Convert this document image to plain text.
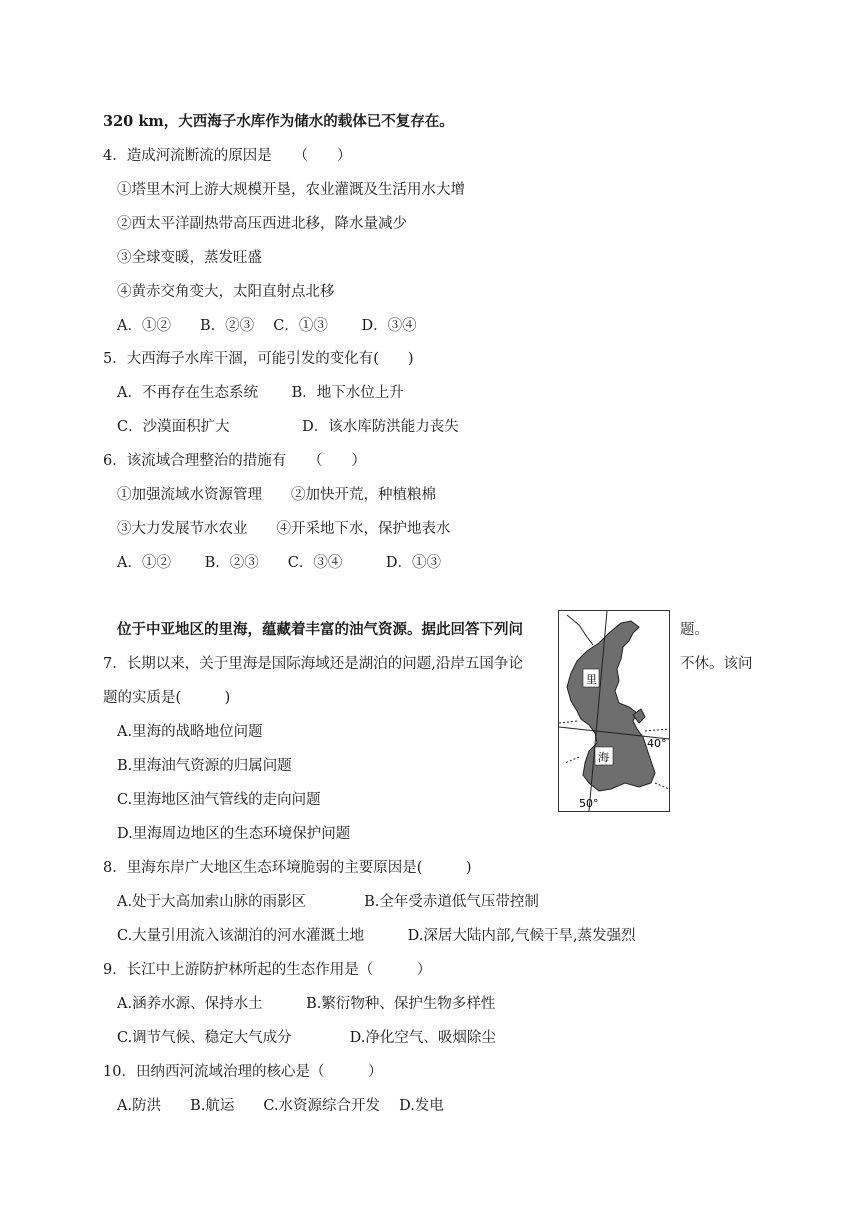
320 km，大西海子水库作为储水的载体已不复存在。
4．造成河流断流的原因是　　（　　）
①塔里木河上游大规模开垦，农业灌溉及生活用水大增
②西太平洋副热带高压西进北移，降水量减少
③全球变暖，蒸发旺盛
④黄赤交角变大，太阳直射点北移
A．①②　　B．②③　 C．①③　　 D．③④
5．大西海子水库干涸，可能引发的变化有(　　)
A．不再存在生态系统　　 B．地下水位上升
C．沙漠面积扩大　　　　　D．该水库防洪能力丧失
6．该流域合理整治的措施有　　（　　）
①加强流域水资源管理　　②加快开荒，种植粮棉
③大力发展节水农业　　④开采地下水，保护地表水
A．①②　　 B．②③　　C．③④　　　D．①③
位于中亚地区的里海，蕴藏着丰富的油气资源。据此回答下列问	题。
7．长期以来，关于里海是国际海域还是湖泊的问题,沿岸五国争论	不休。该问
题的实质是(　　　)
A.里海的战略地位问题
B.里海油气资源的归属问题
C.里海地区油气管线的走向问题
D.里海周边地区的生态环境保护问题
里
海
40°
50°
8．里海东岸广大地区生态环境脆弱的主要原因是(　　　)
A.处于大高加索山脉的雨影区　　　　B.全年受赤道低气压带控制
C.大量引用流入该湖泊的河水灌溉土地　　　D.深居大陆内部,气候干旱,蒸发强烈
9．长江中上游防护林所起的生态作用是（　　　）
A.涵养水源、保持水土　　　B.繁衍物种、保护生物多样性
C.调节气候、稳定大气成分　　　　D.净化空气、吸烟除尘
10．田纳西河流域治理的核心是（　　　）
A.防洪　　B.航运　　C.水资源综合开发　 D.发电
